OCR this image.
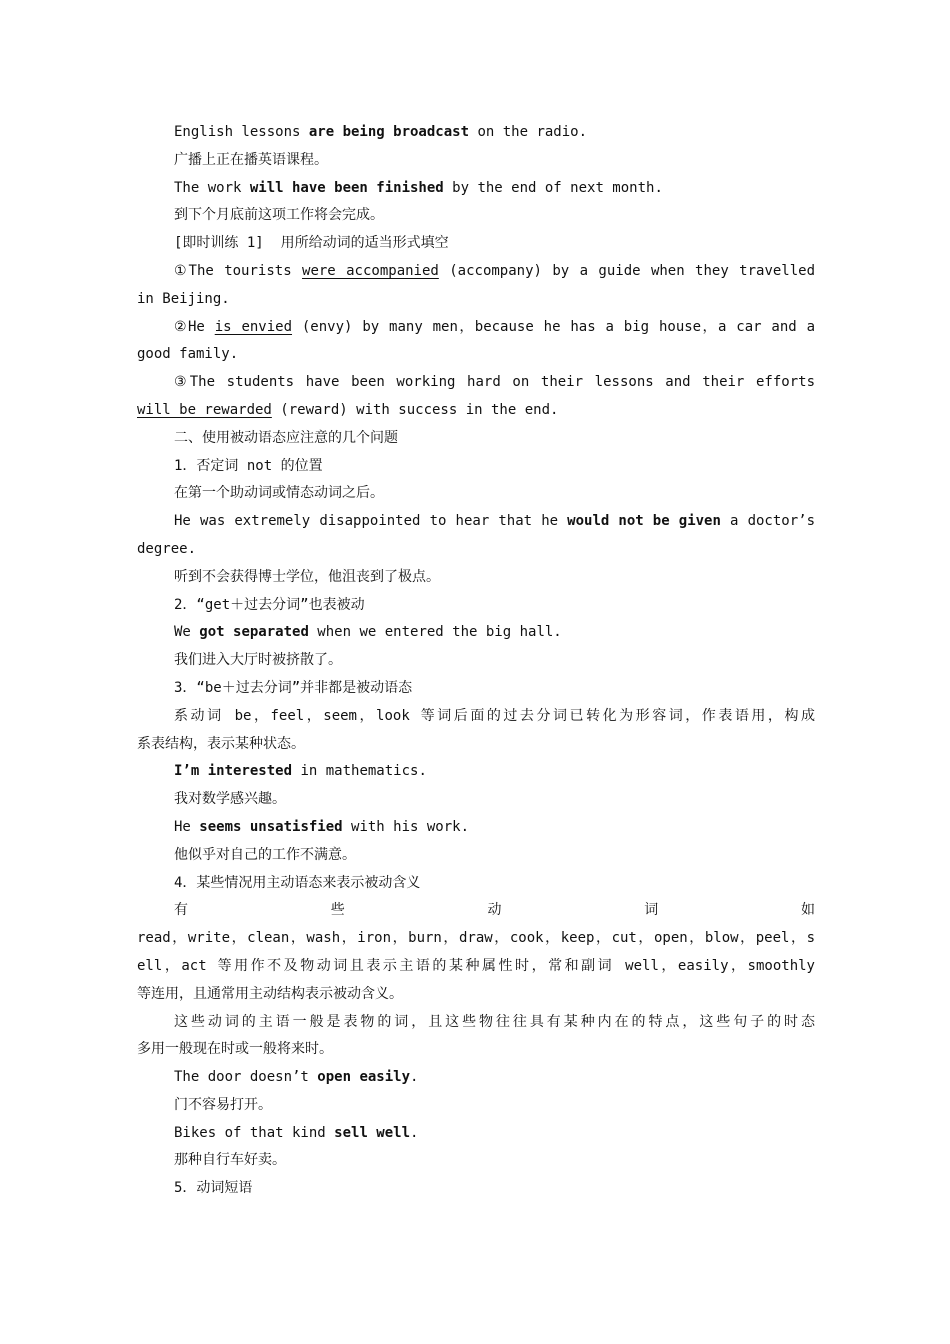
English lessons are being broadcast on the radio.

广播上正在播英语课程。

The work will have been finished by the end of next month.

到下个月底前这项工作将会完成。

[即时训练 1]  用所给动词的适当形式填空

①The tourists were accompanied (accompany) by a guide when they travelled

in Beijing.

②He is envied (envy) by many men，because he has a big house，a car and a

good family.

③The students have been working hard on their lessons and their efforts

will be rewarded (reward) with success in the end.

二、使用被动语态应注意的几个问题

1．否定词 not 的位置

在第一个助动词或情态动词之后。

He was extremely disappointed to hear that he would not be given a doctor’s

degree.

听到不会获得博士学位，他沮丧到了极点。

2．“get＋过去分词”也表被动

We got separated when we entered the big hall.

我们进入大厅时被挤散了。

3．“be＋过去分词”并非都是被动语态

系动词 be，feel，seem，look 等词后面的过去分词已转化为形容词，作表语用，构成

系表结构，表示某种状态。

I’m interested in mathematics.

我对数学感兴趣。

He seems unsatisfied with his work.

他似乎对自己的工作不满意。

4．某些情况用主动语态来表示被动含义

有	些	动	词	如

read，write，clean，wash，iron，burn，draw，cook，keep，cut，open，blow，peel，s

ell，act 等用作不及物动词且表示主语的某种属性时，常和副词 well，easily，smoothly

等连用，且通常用主动结构表示被动含义。

这些动词的主语一般是表物的词，且这些物往往具有某种内在的特点，这些句子的时态

多用一般现在时或一般将来时。

The door doesn’t open easily.

门不容易打开。

Bikes of that kind sell well.

那种自行车好卖。

5．动词短语
